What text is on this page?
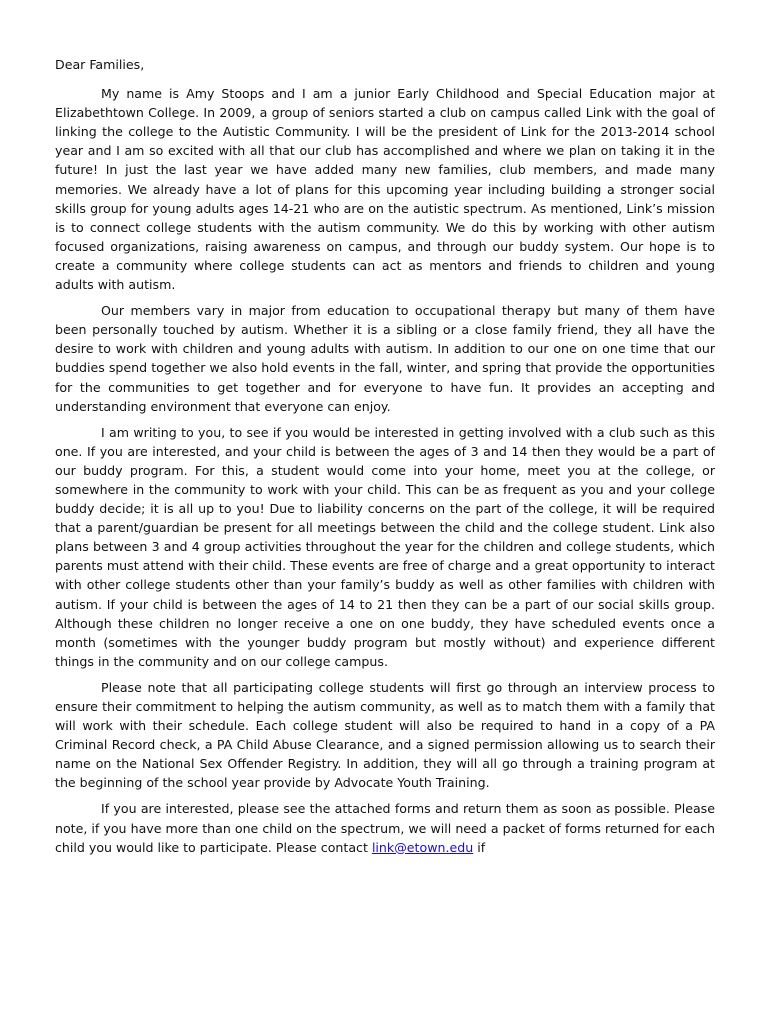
Dear Families,

My name is Amy Stoops and I am a junior Early Childhood and Special Education major at Elizabethtown College. In 2009, a group of seniors started a club on campus called Link with the goal of linking the college to the Autistic Community. I will be the president of Link for the 2013-2014 school year and I am so excited with all that our club has accomplished and where we plan on taking it in the future! In just the last year we have added many new families, club members, and made many memories. We already have a lot of plans for this upcoming year including building a stronger social skills group for young adults ages 14-21 who are on the autistic spectrum. As mentioned, Link’s mission is to connect college students with the autism community. We do this by working with other autism focused organizations, raising awareness on campus, and through our buddy system. Our hope is to create a community where college students can act as mentors and friends to children and young adults with autism.

Our members vary in major from education to occupational therapy but many of them have been personally touched by autism. Whether it is a sibling or a close family friend, they all have the desire to work with children and young adults with autism. In addition to our one on one time that our buddies spend together we also hold events in the fall, winter, and spring that provide the opportunities for the communities to get together and for everyone to have fun. It provides an accepting and understanding environment that everyone can enjoy.

I am writing to you, to see if you would be interested in getting involved with a club such as this one. If you are interested, and your child is between the ages of 3 and 14 then they would be a part of our buddy program. For this, a student would come into your home, meet you at the college, or somewhere in the community to work with your child. This can be as frequent as you and your college buddy decide; it is all up to you! Due to liability concerns on the part of the college, it will be required that a parent/guardian be present for all meetings between the child and the college student. Link also plans between 3 and 4 group activities throughout the year for the children and college students, which parents must attend with their child. These events are free of charge and a great opportunity to interact with other college students other than your family’s buddy as well as other families with children with autism. If your child is between the ages of 14 to 21 then they can be a part of our social skills group. Although these children no longer receive a one on one buddy, they have scheduled events once a month (sometimes with the younger buddy program but mostly without) and experience different things in the community and on our college campus.

Please note that all participating college students will first go through an interview process to ensure their commitment to helping the autism community, as well as to match them with a family that will work with their schedule. Each college student will also be required to hand in a copy of a PA Criminal Record check, a PA Child Abuse Clearance, and a signed permission allowing us to search their name on the National Sex Offender Registry. In addition, they will all go through a training program at the beginning of the school year provide by Advocate Youth Training.

If you are interested, please see the attached forms and return them as soon as possible. Please note, if you have more than one child on the spectrum, we will need a packet of forms returned for each child you would like to participate. Please contact link@etown.edu if
